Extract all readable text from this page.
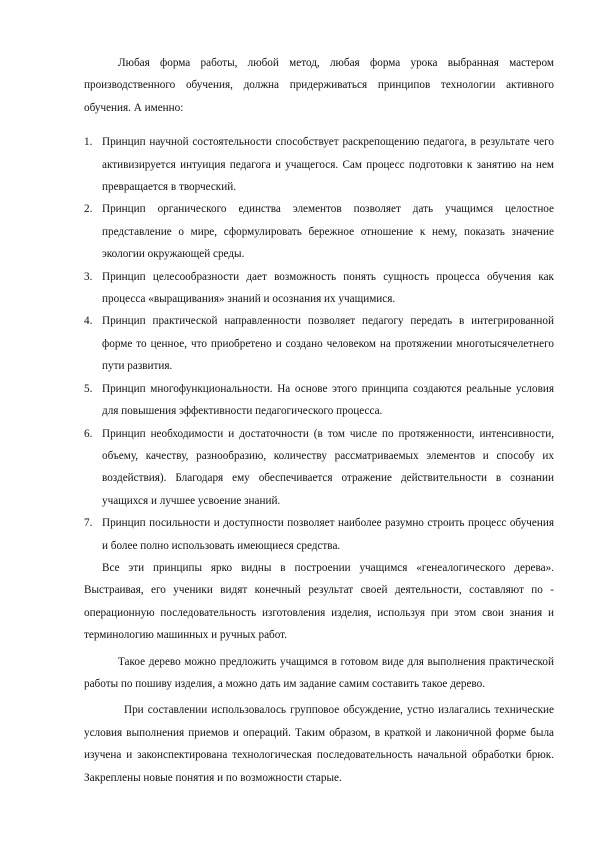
Любая форма работы, любой метод, любая форма урока выбранная мастером производственного обучения, должна придерживаться принципов технологии активного обучения. А именно:

1. Принцип научной состоятельности способствует раскрепощению педагога, в результате чего активизируется интуиция педагога и учащегося. Сам процесс подготовки к занятию на нем превращается в творческий.
2. Принцип органического единства элементов позволяет дать учащимся целостное представление о мире, сформулировать бережное отношение к нему, показать значение экологии окружающей среды.
3. Принцип целесообразности дает возможность понять сущность процесса обучения как процесса «выращивания» знаний и осознания их учащимися.
4. Принцип практической направленности позволяет педагогу передать в интегрированной форме то ценное, что приобретено и создано человеком на протяжении многотысячелетнего пути развития.
5. Принцип многофункциональности. На основе этого принципа создаются реальные условия для повышения эффективности педагогического процесса.
6. Принцип необходимости и достаточности (в том числе по протяженности, интенсивности, объему, качеству, разнообразию, количеству рассматриваемых элементов и способу их воздействия). Благодаря ему обеспечивается отражение действительности в сознании учащихся и лучшее усвоение знаний.
7. Принцип посильности и доступности позволяет наиболее разумно строить процесс обучения и более полно использовать имеющиеся средства.

Все эти принципы ярко видны в построении учащимся «генеалогического дерева». Выстраивая, его ученики видят конечный результат своей деятельности, составляют по - операционную последовательность изготовления изделия, используя при этом свои знания и терминологию машинных и ручных работ.

Такое дерево можно предложить учащимся в готовом виде для выполнения практической работы по пошиву изделия, а можно дать им задание самим составить такое дерево.

При составлении использовалось групповое обсуждение, устно излагались технические условия выполнения приемов и операций. Таким образом, в краткой и лаконичной форме была изучена и законспектирована технологическая последовательность начальной обработки брюк. Закреплены новые понятия и по возможности старые.
